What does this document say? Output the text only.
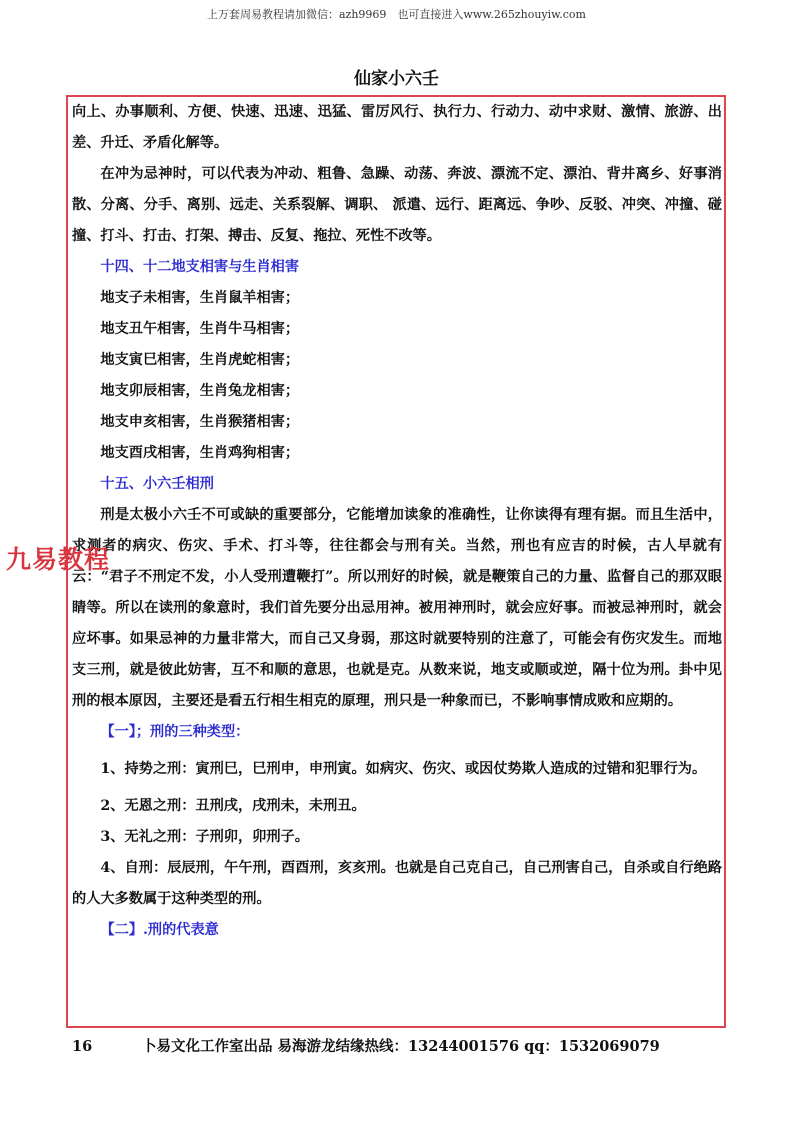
上万套周易教程请加微信：azh9969　也可直接进入www.265zhouyiw.com
仙家小六壬

向上、办事顺利、方便、快速、迅速、迅猛、雷厉风行、执行力、行动力、动中求财、激情、旅游、出差、升迁、矛盾化解等。

在冲为忌神时，可以代表为冲动、粗鲁、急躁、动荡、奔波、漂流不定、漂泊、背井离乡、好事消散、分离、分手、离别、远走、关系裂解、调职、 派遣、远行、距离远、争吵、反驳、冲突、冲撞、碰撞、打斗、打击、打架、搏击、反复、拖拉、死性不改等。

十四、十二地支相害与生肖相害

地支子未相害，生肖鼠羊相害；

地支丑午相害，生肖牛马相害；

地支寅巳相害，生肖虎蛇相害；

地支卯辰相害，生肖兔龙相害；

地支申亥相害，生肖猴猪相害；

地支酉戌相害，生肖鸡狗相害；

十五、小六壬相刑

刑是太极小六壬不可或缺的重要部分，它能增加读象的准确性，让你读得有理有据。而且生活中，求测者的病灾、伤灾、手术、打斗等，往往都会与刑有关。当然，刑也有应吉的时候，古人早就有云：“君子不刑定不发，小人受刑遭鞭打”。所以刑好的时候，就是鞭策自己的力量、监督自己的那双眼睛等。所以在读刑的象意时，我们首先要分出忌用神。被用神刑时，就会应好事。而被忌神刑时，就会应坏事。如果忌神的力量非常大，而自己又身弱，那这时就要特别的注意了，可能会有伤灾发生。而地支三刑，就是彼此妨害，互不和顺的意思，也就是克。从数来说，地支或顺或逆，隔十位为刑。卦中见刑的根本原因，主要还是看五行相生相克的原理，刑只是一种象而已，不影响事情成败和应期的。

【一】；刑的三种类型：

1、持势之刑：寅刑巳，巳刑申，申刑寅。如病灾、伤灾、或因仗势欺人造成的过错和犯罪行为。

2、无恩之刑：丑刑戌，戌刑未，未刑丑。

3、无礼之刑：子刑卯，卯刑子。

4、自刑：辰辰刑，午午刑，酉酉刑，亥亥刑。也就是自己克自己，自己刑害自己，自杀或自行绝路的人大多数属于这种类型的刑。

【二】.刑的代表意

九易教程
16	卜易文化工作室出品 易海游龙结缘热线：13244001576 qq：1532069079
